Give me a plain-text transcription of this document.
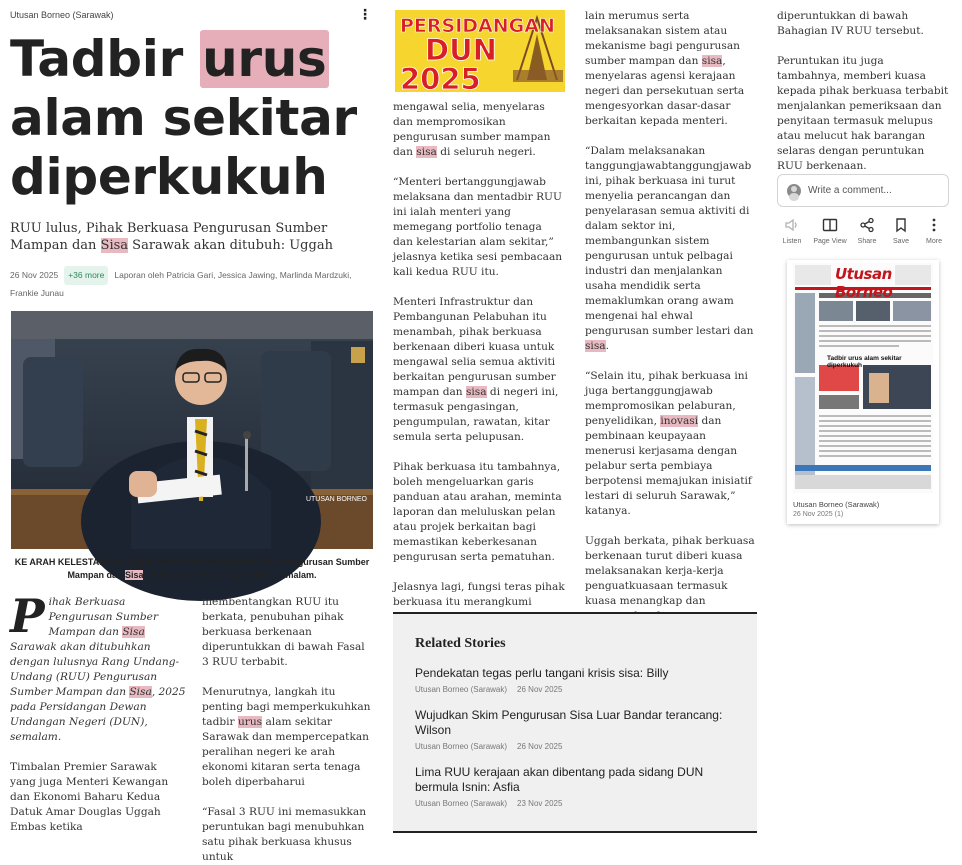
Utusan Borneo (Sarawak)	⋮
Tadbir urus alam sekitar diperkukuh
RUU lulus, Pihak Berkuasa Pengurusan Sumber Mampan dan Sisa Sarawak akan ditubuh: Uggah
26 Nov 2025 +36 more Laporan oleh Patricia Gari, Jessica Jawing, Marlinda Mardzuki, Frankie Junau
UTUSAN BORNEO
KE ARAH KELESTARIAN: Uggah ketika membentangkan RUU Pengurusan Sumber Mampan dan Sisa, 2025 pada Persidangan DUN, semalam.

Pihak Berkuasa Pengurusan Sumber Mampan dan Sisa Sarawak akan ditubuhkan dengan lulusnya Rang Undang-Undang (RUU) Pengurusan Sumber Mampan dan Sisa, 2025 pada Persidangan Dewan Undangan Negeri (DUN), semalam.

Timbalan Premier Sarawak yang juga Menteri Kewangan dan Ekonomi Baharu Kedua Datuk Amar Douglas Uggah Embas ketika

membentangkan RUU itu berkata, penubuhan pihak berkuasa berkenaan diperuntukkan di bawah Fasal 3 RUU terbabit.

Menurutnya, langkah itu penting bagi memperkukuhkan tadbir urus alam sekitar Sarawak dan mempercepatkan peralihan negeri ke arah ekonomi kitaran serta tenaga boleh diperbaharui

“Fasal 3 RUU ini memasukkan peruntukan bagi menubuhkan satu pihak berkuasa khusus untuk

PERSIDANGAN
DUN
2025

mengawal selia, menyelaras dan mempromosikan pengurusan sumber mampan dan sisa di seluruh negeri.

“Menteri bertanggungjawab melaksana dan mentadbir RUU ini ialah menteri yang memegang portfolio tenaga dan kelestarian alam sekitar,” jelasnya ketika sesi pembacaan kali kedua RUU itu.

Menteri Infrastruktur dan Pembangunan Pelabuhan itu menambah, pihak berkuasa berkenaan diberi kuasa untuk mengawal selia semua aktiviti berkaitan pengurusan sumber mampan dan sisa di negeri ini, termasuk pengasingan, pengumpulan, rawatan, kitar semula serta pelupusan.

Pihak berkuasa itu tambahnya, boleh mengeluarkan garis panduan atau arahan, meminta laporan dan meluluskan pelan atau projek berkaitan bagi memastikan keberkesanan pengurusan serta pematuhan.

Jelasnya lagi, fungsi teras pihak berkuasa itu merangkumi

lain merumus serta melaksanakan sistem atau mekanisme bagi pengurusan sumber mampan dan sisa, menyelaras agensi kerajaan negeri dan persekutuan serta mengesyorkan dasar-dasar berkaitan kepada menteri.

“Dalam melaksanakan tanggungjawabtanggungjawab ini, pihak berkuasa ini turut menyelia perancangan dan penyelarasan semua aktiviti di dalam sektor ini, membangunkan sistem pengurusan untuk pelbagai industri dan menjalankan usaha mendidik serta memaklumkan orang awam mengenai hal ehwal pengurusan sumber lestari dan sisa.

“Selain itu, pihak berkuasa ini juga bertanggungjawab mempromosikan pelaburan, penyelidikan, inovasi dan pembinaan keupayaan menerusi kerjasama dengan pelabur serta pembiaya berpotensi memajukan inisiatif lestari di seluruh Sarawak,” katanya.

Uggah berkata, pihak berkuasa berkenaan turut diberi kuasa melaksanakan kerja-kerja penguatkuasaan termasuk kuasa menangkap dan

Related Stories
Pendekatan tegas perlu tangani krisis sisa: Billy
Utusan Borneo (Sarawak) 26 Nov 2025
Wujudkan Skim Pengurusan Sisa Luar Bandar terancang: Wilson
Utusan Borneo (Sarawak) 26 Nov 2025
Lima RUU kerajaan akan dibentang pada sidang DUN bermula Isnin: Asfia
Utusan Borneo (Sarawak) 23 Nov 2025

diperuntukkan di bawah Bahagian IV RUU tersebut.

Peruntukan itu juga tambahnya, memberi kuasa kepada pihak berkuasa terbabit menjalankan pemeriksaan dan penyitaan termasuk melupus atau melucut hak barangan selaras dengan peruntukan RUU berkenaan.

Write a comment...
Listen	Page View	Share	Save	More
Utusan Borneo
Tadbir urus alam sekitar diperkukuh
Utusan Borneo (Sarawak)
26 Nov 2025 (1)
